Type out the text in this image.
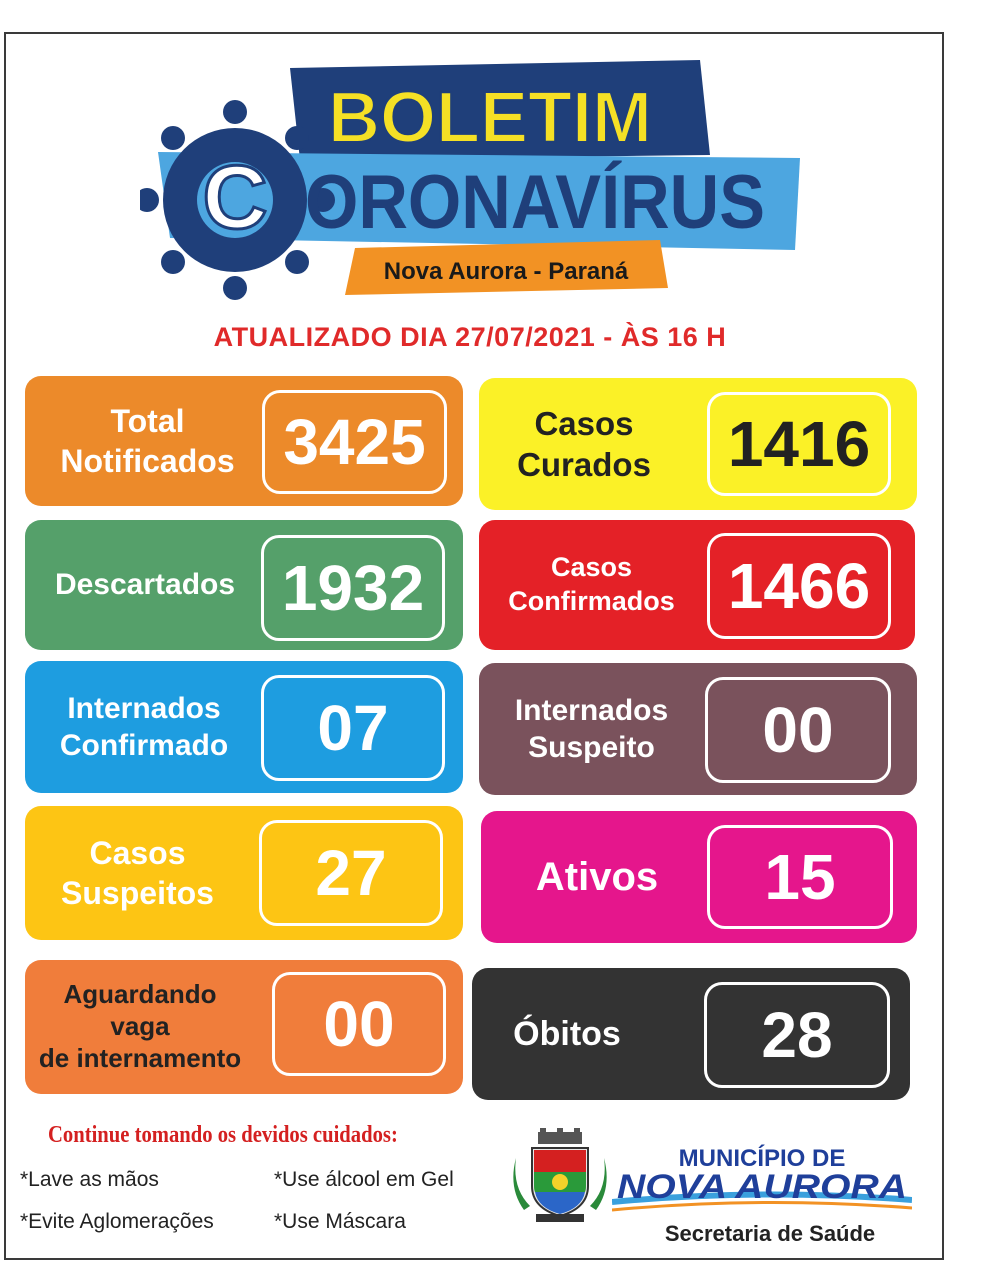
BOLETIM
C ORONAVÍRUS
Nova Aurora - Paraná
ATUALIZADO DIA 27/07/2021 - ÀS 16 H
Total
Notificados 3425	Casos
Curados	1416
Descartados 1932	Casos
Confirmados 1466
Internados
Confirmado	07	Internados
Suspeito	00
Casos
Suspeitos	27	Ativos	15
Aguardando
vaga
de internamento	00	Óbitos	28
Continue tomando os devidos cuidados:
*Lave as mãos	*Use álcool em Gel
*Evite Aglomerações	*Use Máscara
MUNICÍPIO DE
NOVA AURORA
Secretaria de Saúde
